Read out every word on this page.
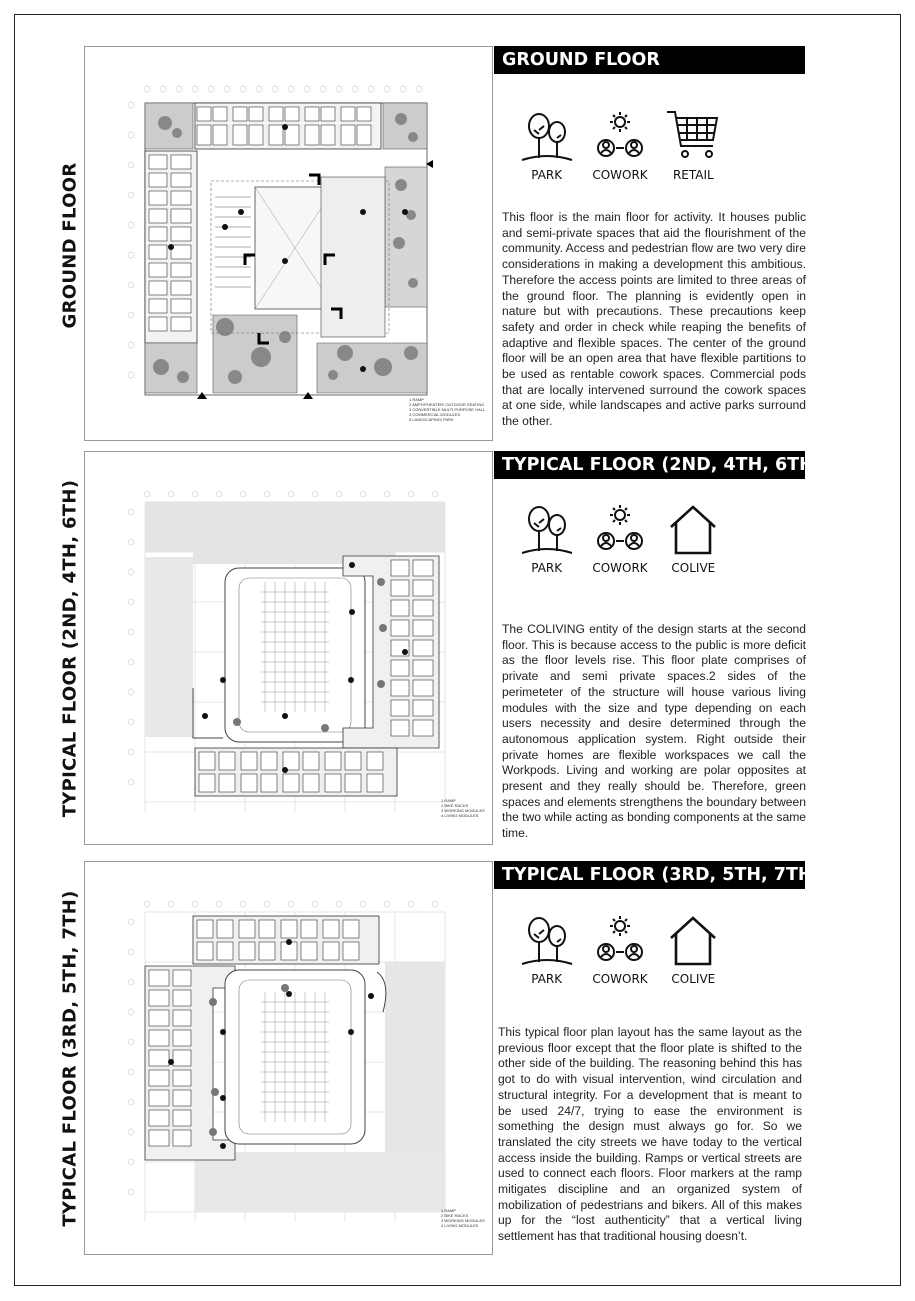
GROUND FLOOR
1 RAMP
2 AMPHITHEATER/ OUTDOOR SEATING
3 CONVERTIBLE MULTI PURPOSE HALL
4 COMMERCIAL MODULES
5 LANDSCAPING/ PARK
GROUND FLOOR
PARK	COWORK RETAIL

This floor is the main floor for activity. It houses public and semi-private spaces that aid the flourishment of the community. Access and pedestrian flow are two very dire considerations in making a development this ambitious. Therefore the access points are limited to three areas of the ground floor. The planning is evidently open in nature but with precautions. These precautions keep safety and order in check while reaping the benefits of adaptive and flexible spaces. The center of the ground floor will be an open area that have flexible partitions to be used as rentable cowork spaces. Commercial pods that are locally intervened surround the cowork spaces at one side, while landscapes and active parks surround the other.

TYPICAL FLOOR (2ND, 4TH, 6TH)	1 RAMP
2 BIKE RACKS
3 WORKING MODULES
4 LIVING MODULES
TYPICAL FLOOR (2ND, 4TH, 6TH)
PARK	COWORK COLIVE

The COLIVING entity of the design starts at the second floor. This is because access to the public is more deficit as the floor levels rise. This floor plate comprises of private and semi private spaces.2 sides of the perimeteter of the structure will house various living modules with the size and type depending on each users necessity and desire determined through the autonomous application system. Right outside their private homes are flexible workspaces we call the Workpods. Living and working are polar opposites at present and they really should be. Therefore, green spaces and elements strengthens the boundary between the two while acting as bonding components at the same time.

TYPICAL FLOOR (3RD, 5TH, 7TH)	1 RAMP
2 BIKE RACKS
3 WORKING MODULES
4 LIVING MODULES
TYPICAL FLOOR (3RD, 5TH, 7TH)
PARK	COWORK COLIVE

This typical floor plan layout has the same layout as the previous floor except that the floor plate is shifted to the other side of the building. The reasoning behind this has got to do with visual intervention, wind circulation and structural integrity. For a development that is meant to be used 24/7, trying to ease the environment is something the design must always go for. So we translated the city streets we have today to the vertical access inside the building. Ramps or vertical streets are used to connect each floors. Floor markers at the ramp mitigates discipline and an organized system of mobilization of pedestrians and bikers. All of this makes up for the “lost authenticity” that a vertical living settlement has that traditional housing doesn’t.
